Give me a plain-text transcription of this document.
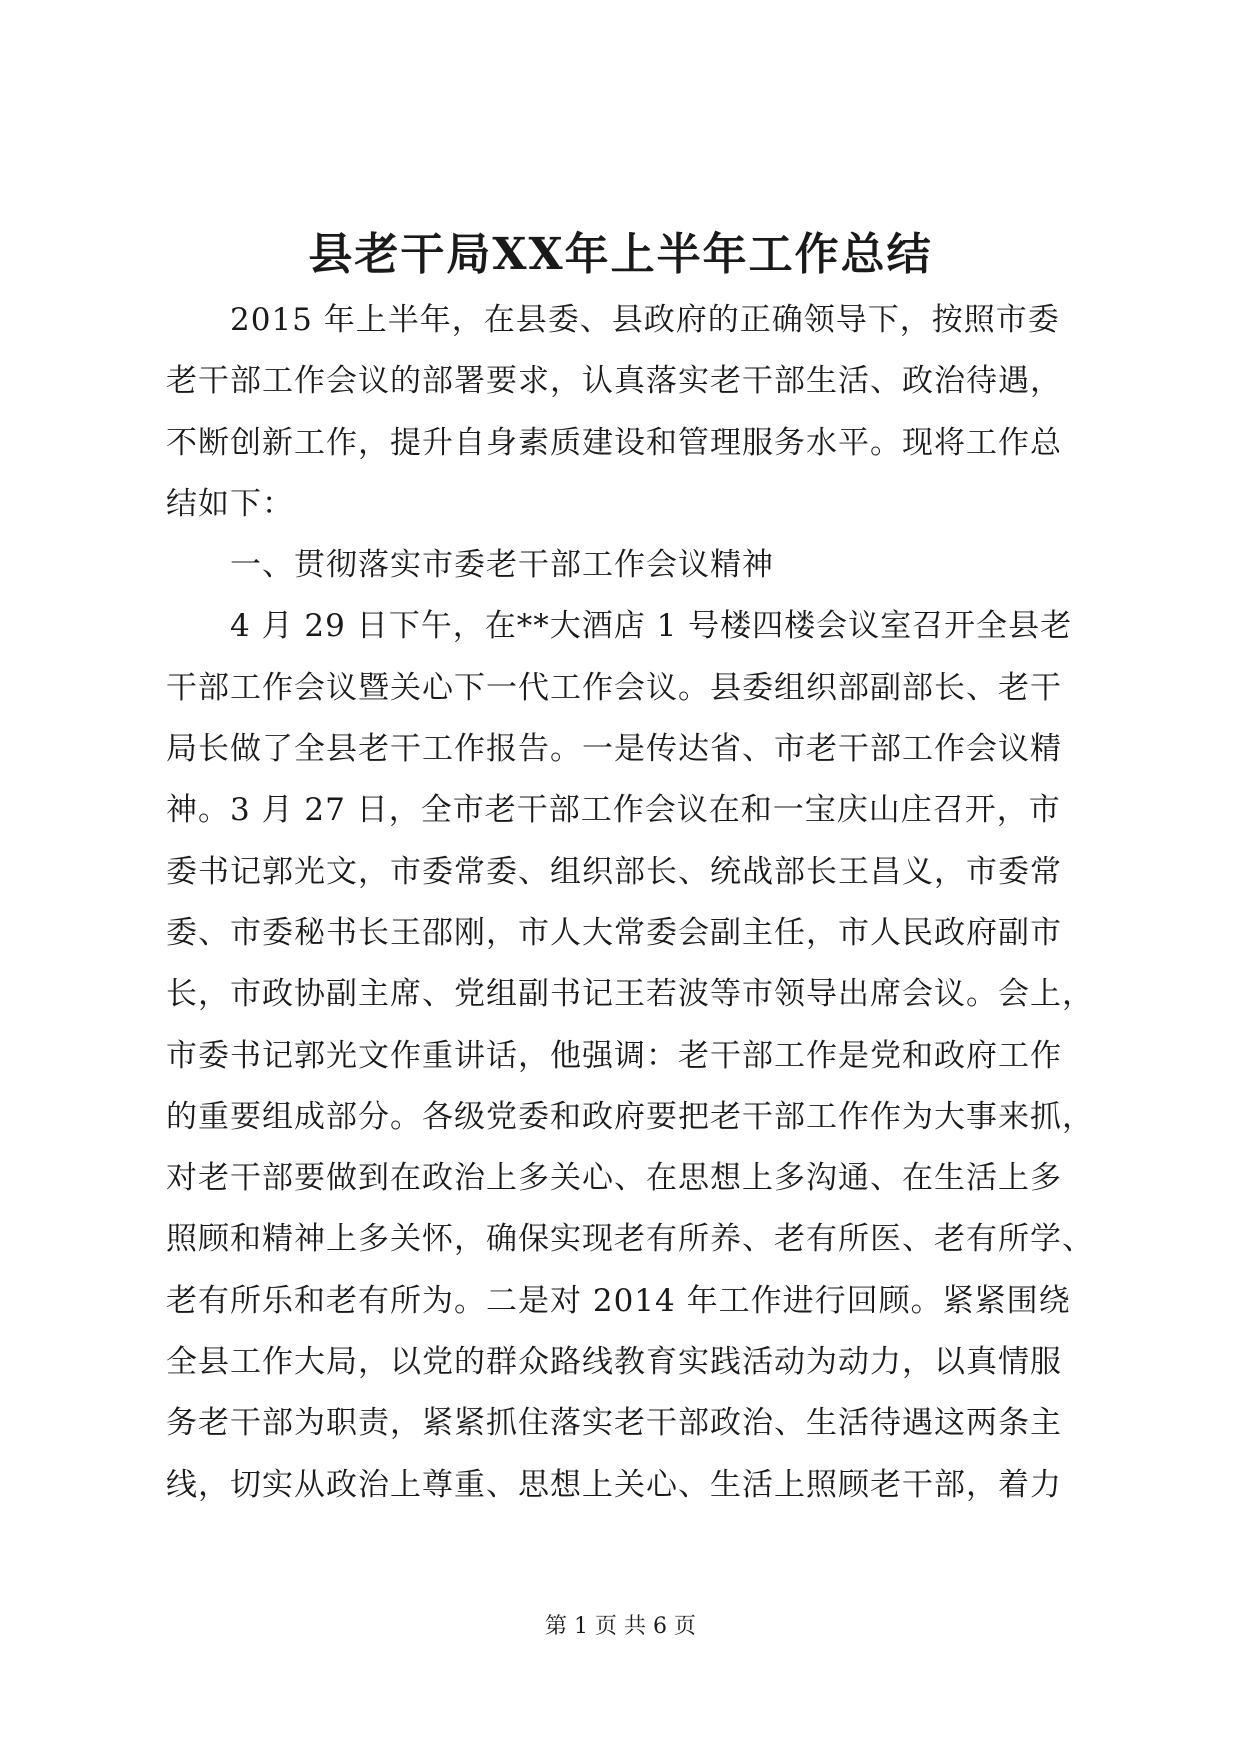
县老干局XX年上半年工作总结
2015 年上半年，在县委、县政府的正确领导下，按照市委
老干部工作会议的部署要求，认真落实老干部生活、政治待遇，
不断创新工作，提升自身素质建设和管理服务水平。现将工作总
结如下：
一、贯彻落实市委老干部工作会议精神
4 月 29 日下午，在**大酒店 1 号楼四楼会议室召开全县老
干部工作会议暨关心下一代工作会议。县委组织部副部长、老干
局长做了全县老干工作报告。一是传达省、市老干部工作会议精
神。3 月 27 日，全市老干部工作会议在和一宝庆山庄召开，市
委书记郭光文，市委常委、组织部长、统战部长王昌义，市委常
委、市委秘书长王邵刚，市人大常委会副主任，市人民政府副市
长，市政协副主席、党组副书记王若波等市领导出席会议。会上，
市委书记郭光文作重讲话，他强调：老干部工作是党和政府工作
的重要组成部分。各级党委和政府要把老干部工作作为大事来抓，
对老干部要做到在政治上多关心、在思想上多沟通、在生活上多
照顾和精神上多关怀，确保实现老有所养、老有所医、老有所学、
老有所乐和老有所为。二是对 2014 年工作进行回顾。紧紧围绕
全县工作大局，以党的群众路线教育实践活动为动力，以真情服
务老干部为职责，紧紧抓住落实老干部政治、生活待遇这两条主
线，切实从政治上尊重、思想上关心、生活上照顾老干部，着力
第 1 页 共 6 页
